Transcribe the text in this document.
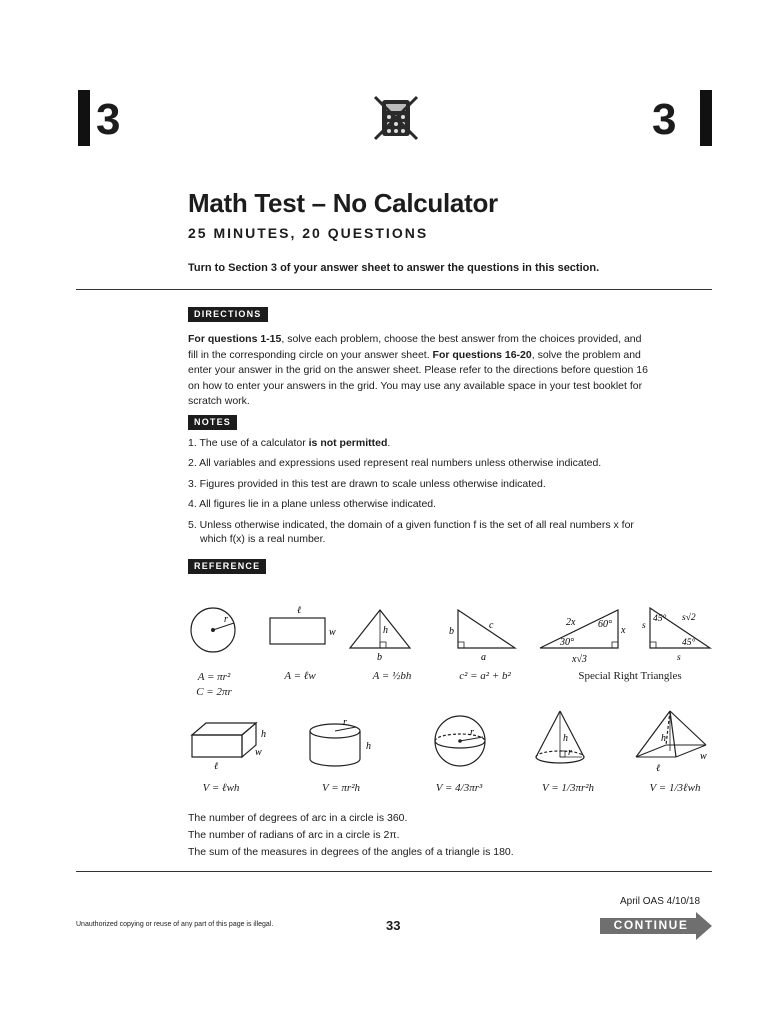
3	3
Math Test – No Calculator
25 MINUTES, 20 QUESTIONS
Turn to Section 3 of your answer sheet to answer the questions in this section.
DIRECTIONS
For questions 1-15, solve each problem, choose the best answer from the choices provided, and fill in the corresponding circle on your answer sheet. For questions 16-20, solve the problem and enter your answer in the grid on the answer sheet. Please refer to the directions before question 16 on how to enter your answers in the grid. You may use any available space in your test booklet for scratch work.
NOTES
1. The use of a calculator is not permitted.
2. All variables and expressions used represent real numbers unless otherwise indicated.
3. Figures provided in this test are drawn to scale unless otherwise indicated.
4. All figures lie in a plane unless otherwise indicated.
5. Unless otherwise indicated, the domain of a given function f is the set of all real numbers x for
which f(x) is a real number.
REFERENCE
r
ℓ
w	h
b
b
c
a
2x 60°
x
30°
x√3
45° s√2
s
45°
s
A = πr²
C = 2πr
A = ℓw	A = ½bh	c² = a² + b²	Special Right Triangles
h
w
ℓ
r
h
r
h
r
h
w
ℓ
V = ℓwh	V = πr²h	V = 4/3πr³	V = 1/3πr²h	V = 1/3ℓwh
The number of degrees of arc in a circle is 360.
The number of radians of arc in a circle is 2π.
The sum of the measures in degrees of the angles of a triangle is 180.
April OAS 4/10/18
Unauthorized copying or reuse of any part of this page is illegal.	33	CONTINUE
